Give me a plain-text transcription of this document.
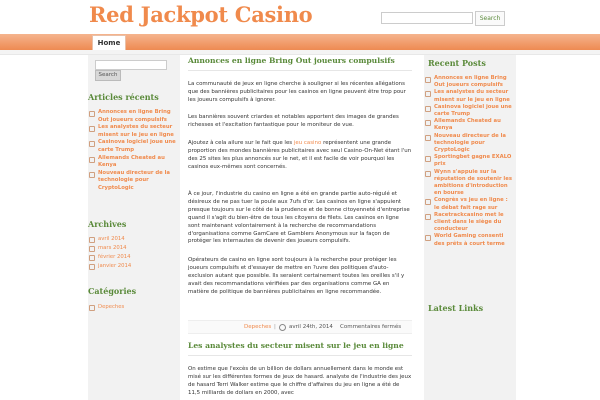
Red Jackpot Casino	Search
Home
Search
Articles récents
Annonces en ligne Bring Out joueurs compulsifs
Les analystes du secteur misent sur le jeu en ligne
Casinova logiciel joue une carte Trump
Allemands Cheated au Kenya
Nouveau directeur de la technologie pour CryptoLogic
Archives
avril 2014
mars 2014
février 2014
janvier 2014
Catégories
Depeches
Annonces en ligne Bring Out joueurs compulsifs

La communauté de jeux en ligne cherche à souligner si les récentes allégations que des bannières publicitaires pour les casinos en ligne peuvent être trop pour les joueurs compulsifs à ignorer.

Les bannières souvent criardes et notables apportent des images de grandes richesses et l'excitation fantastique pour le moniteur de vue.

Ajoutez à cela ailure sur le fait que les jeu casino représentent une grande proportion des mondes bannières publicitaires avec seul Casino-On-Net étant l'un des 25 sites les plus annoncés sur le net, et il est facile de voir pourquoi les casinos eux-mêmes sont concernés.

À ce jour, l'industrie du casino en ligne a été en grande partie auto-régulé et désireux de ne pas tuer la poule aux 7ufs d'or. Les casinos en ligne s'appuient presque toujours sur le côté de la prudence et de bonne citoyenneté d'entreprise quand il s'agit du bien-être de tous les citoyens de filets. Les casinos en ligne sont maintenant volontairement à la recherche de recommandations d'organisations comme GamCare et Gamblers Anonymous sur la façon de protéger les internautes de devenir des joueurs compulsifs.

Opérateurs de casino en ligne sont toujours à la recherche pour protéger les joueurs compulsifs et d'essayer de mettre en ?uvre des politiques d'auto-exclusion autant que possible. Ils seraient certainement toutes les oreilles s'il y avait des recommandations vérifiées par des organisations comme GA en matière de politique de bannières publicitaires en ligne recommandée.

Depeches | avril 24th, 2014 Commentaires fermés
Les analystes du secteur misent sur le jeu en ligne

On estime que l'excès de un billion de dollars annuellement dans le monde est misé sur les différentes formes de jeux de hasard. analyste de l'industrie des jeux de hasard Terri Walker estime que le chiffre d'affaires du jeu en ligne a été de 11,5 milliards de dollars en 2000, avec

Recent Posts
Annonces en ligne Bring Out joueurs compulsifs
Les analystes du secteur misent sur le jeu en ligne
Casinova logiciel joue une carte Trump
Allemands Cheated au Kenya
Nouveau directeur de la technologie pour CryptoLogic
Sportingbet gagne EXALO prix
Wynn s'appuie sur la réputation de soutenir les ambitions d'introduction en bourse
Congrès vs jeu en ligne : le débat fait rage sur
Racetrackcasino met le client dans le siège du conducteur
World Gaming consenti des prêts à court terme
Latest Links
